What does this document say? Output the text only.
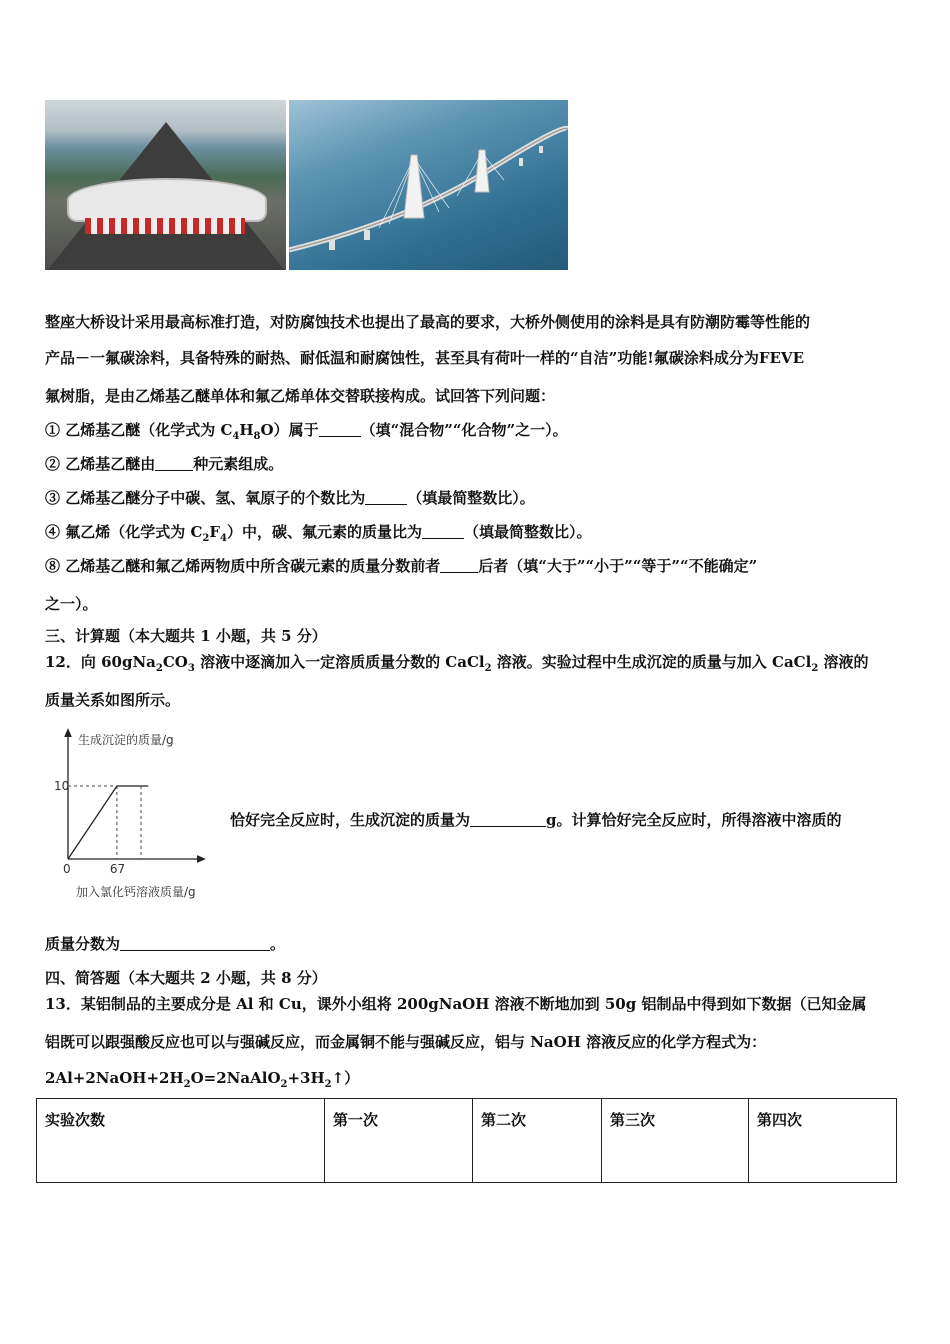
整座大桥设计采用最高标准打造，对防腐蚀技术也提出了最高的要求，大桥外侧使用的涂料是具有防潮防霉等性能的
产品－一氟碳涂料，具备特殊的耐热、耐低温和耐腐蚀性，甚至具有荷叶一样的“自洁”功能!氟碳涂料成分为FEVE
氟树脂，是由乙烯基乙醚单体和氟乙烯单体交替联接构成。试回答下列问题：
① 乙烯基乙醚（化学式为 $C_4H_8O$）属于	（填“混合物”“化合物”之一）。
② 乙烯基乙醚由	种元素组成。
③ 乙烯基乙醚分子中碳、氢、氧原子的个数比为	（填最简整数比）。
④ 氟乙烯（化学式为 $C_2F_4$）中，碳、氟元素的质量比为	（填最简整数比）。
⑧ 乙烯基乙醚和氟乙烯两物质中所含碳元素的质量分数前者	后者（填“大于”“小于”“等于”“不能确定”
之一）。
三、计算题（本大题共 1 小题，共 5 分）
12．向 $60gNa_2CO_3$ 溶液中逐滴加入一定溶质质量分数的 CaCl$_2$ 溶液。实验过程中生成沉淀的质量与加入 CaCl$_2$ 溶液的
质量关系如图所示。
生成沉淀的质量/g
加入氯化钙溶液质量/g
0	67
10
恰好完全反应时，生成沉淀的质量为	g。计算恰好完全反应时，所得溶液中溶质的
质量分数为	。
四、简答题（本大题共 2 小题，共 8 分）
13．某铝制品的主要成分是 Al 和 Cu，课外小组将 200gNaOH 溶液不断地加到 50g 铝制品中得到如下数据（已知金属
铝既可以跟强酸反应也可以与强碱反应，而金属铜不能与强碱反应，铝与 NaOH 溶液反应的化学方程式为：
$2Al+2NaOH+2H_2O=2NaAlO_2+3H_2↑$）
实验次数	第一次	第二次	第三次	第四次
